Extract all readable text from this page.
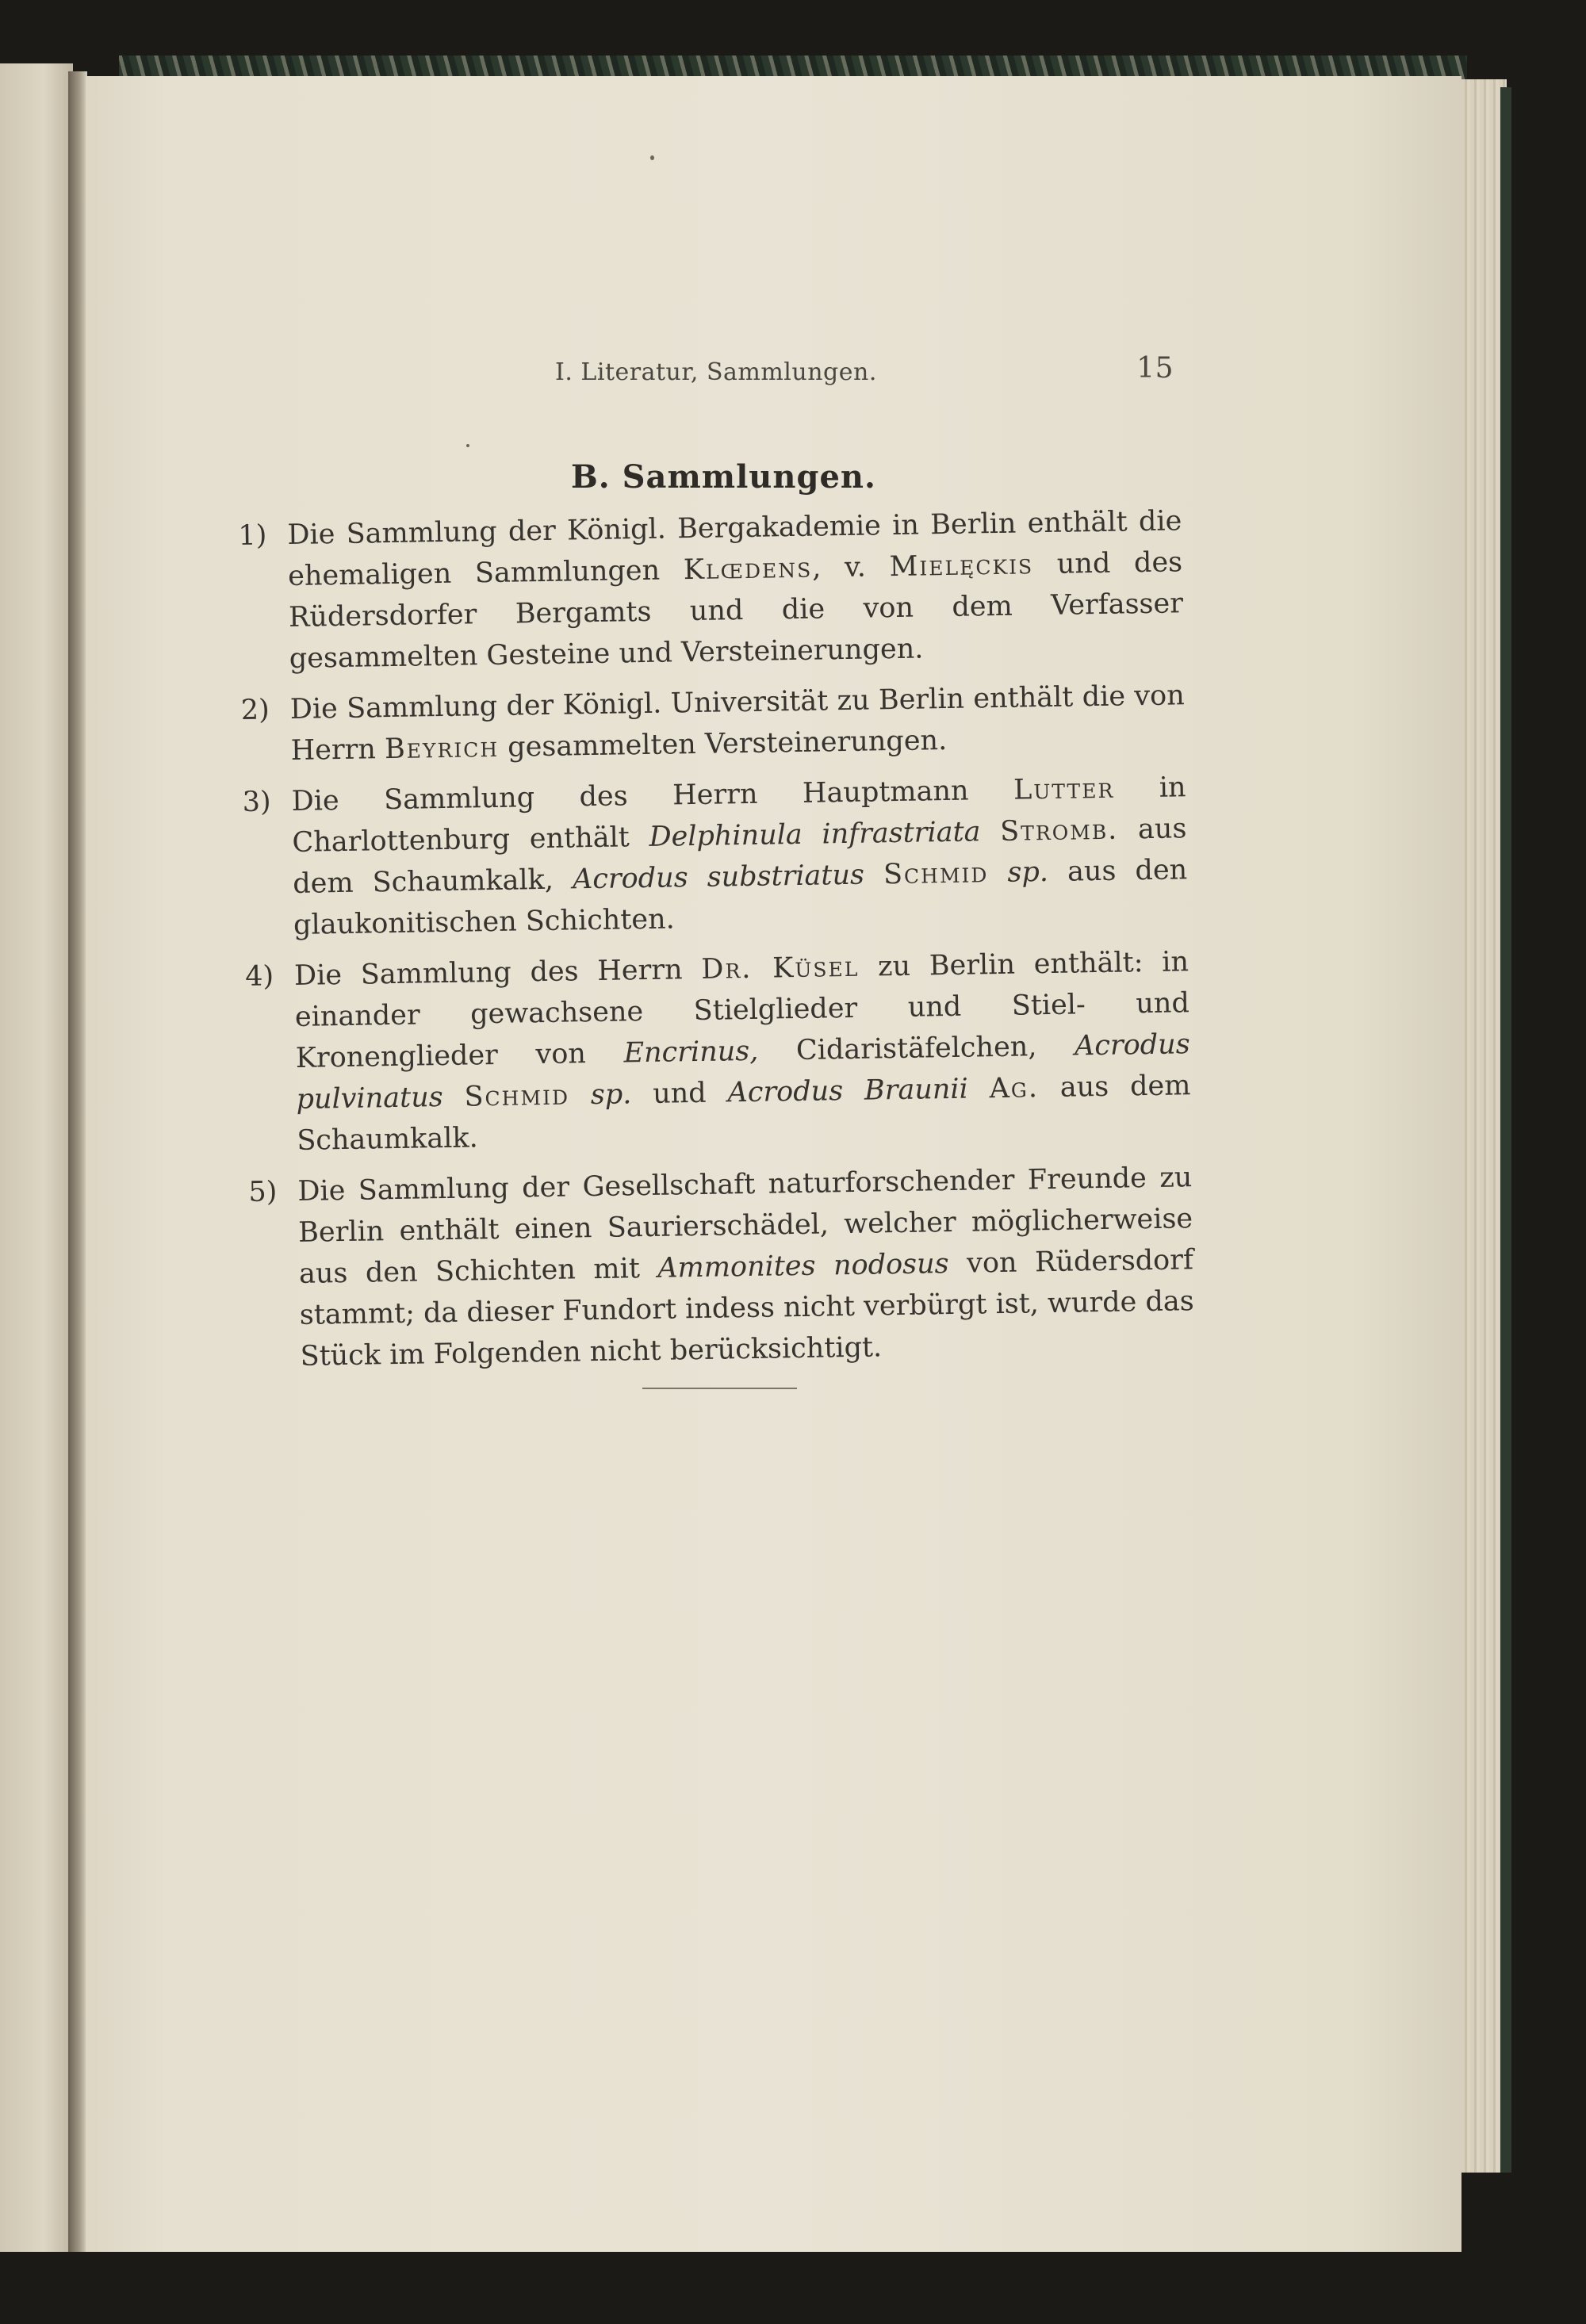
I. Literatur, Sammlungen.	15
B. Sammlungen.
1) Die Sammlung der Königl. Bergakademie in Berlin enthält die ehemaligen Sammlungen Klœdens, v. Mielęckis und des Rüdersdorfer Bergamts und die von dem Verfasser gesammelten Gesteine und Versteinerungen.
2) Die Sammlung der Königl. Universität zu Berlin enthält die von Herrn Beyrich gesammelten Versteinerungen.
3) Die Sammlung des Herrn Hauptmann Lutter in Charlottenburg enthält Delphinula infrastriata Stromb. aus dem Schaumkalk, Acrodus substriatus Schmid sp. aus den glaukonitischen Schichten.
4) Die Sammlung des Herrn Dr. Küsel zu Berlin enthält: in einander gewachsene Stielglieder und Stiel- und Kronenglieder von Encrinus, Cidaristäfelchen, Acrodus pulvinatus Schmid sp. und Acrodus Braunii Ag. aus dem Schaumkalk.
5) Die Sammlung der Gesellschaft naturforschender Freunde zu Berlin enthält einen Saurierschädel, welcher möglicherweise aus den Schichten mit Ammonites nodosus von Rüdersdorf stammt; da dieser Fundort indess nicht verbürgt ist, wurde das Stück im Folgenden nicht berücksichtigt.
